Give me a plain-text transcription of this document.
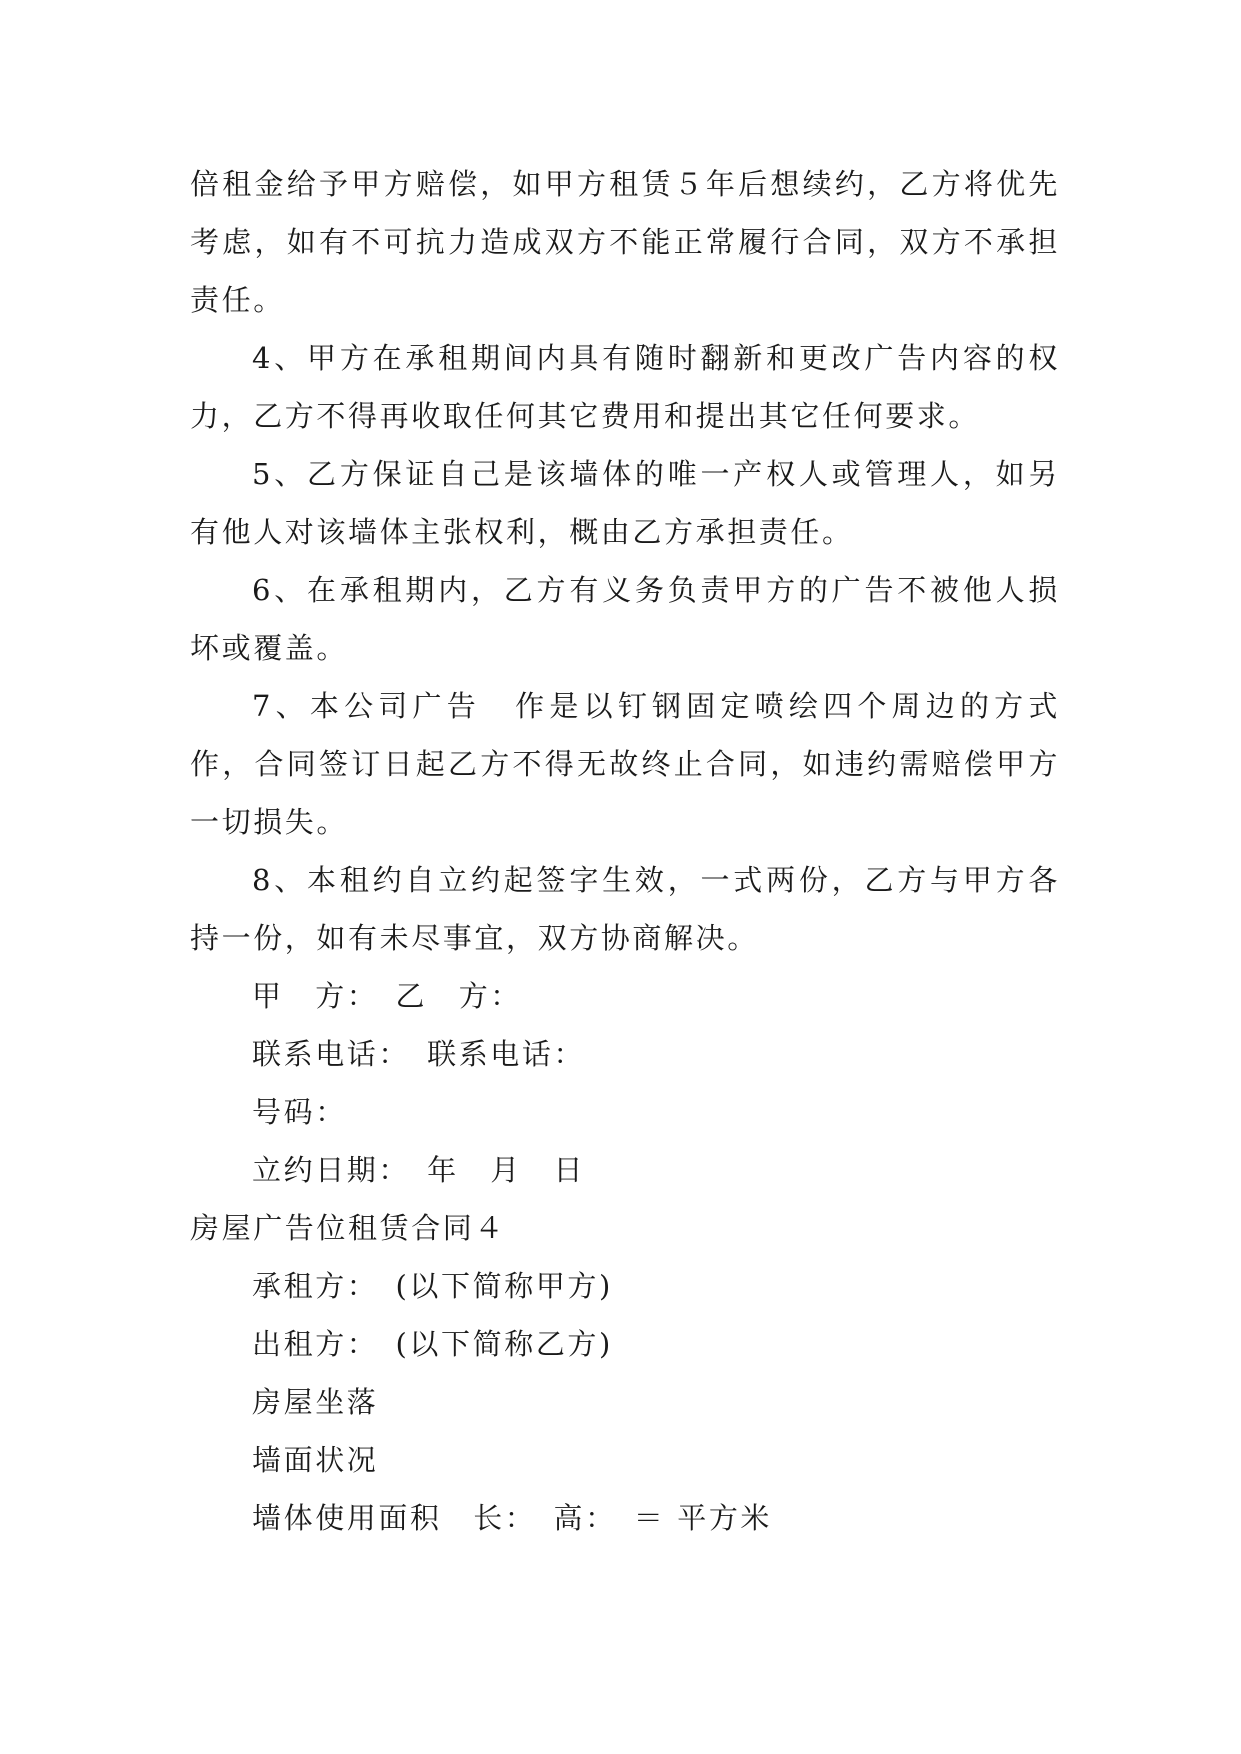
倍租金给予甲方赔偿，如甲方租赁５年后想续约，乙方将优先考虑，如有不可抗力造成双方不能正常履行合同，双方不承担责任。

4、甲方在承租期间内具有随时翻新和更改广告内容的权力，乙方不得再收取任何其它费用和提出其它任何要求。

5、乙方保证自己是该墙体的唯一产权人或管理人，如另有他人对该墙体主张权利，概由乙方承担责任。

6、在承租期内，乙方有义务负责甲方的广告不被他人损坏或覆盖。

7、本公司广告　作是以钉钢固定喷绘四个周边的方式作，合同签订日起乙方不得无故终止合同，如违约需赔偿甲方一切损失。

8、本租约自立约起签字生效，一式两份，乙方与甲方各持一份，如有未尽事宜，双方协商解决。

甲　方：　乙　方：

联系电话：　联系电话：

号码：

立约日期：　年　月　日

房屋广告位租赁合同４

承租方：　(以下简称甲方)

出租方：　(以下简称乙方)

房屋坐落

墙面状况

墙体使用面积　长：　高：　＝ 平方米
